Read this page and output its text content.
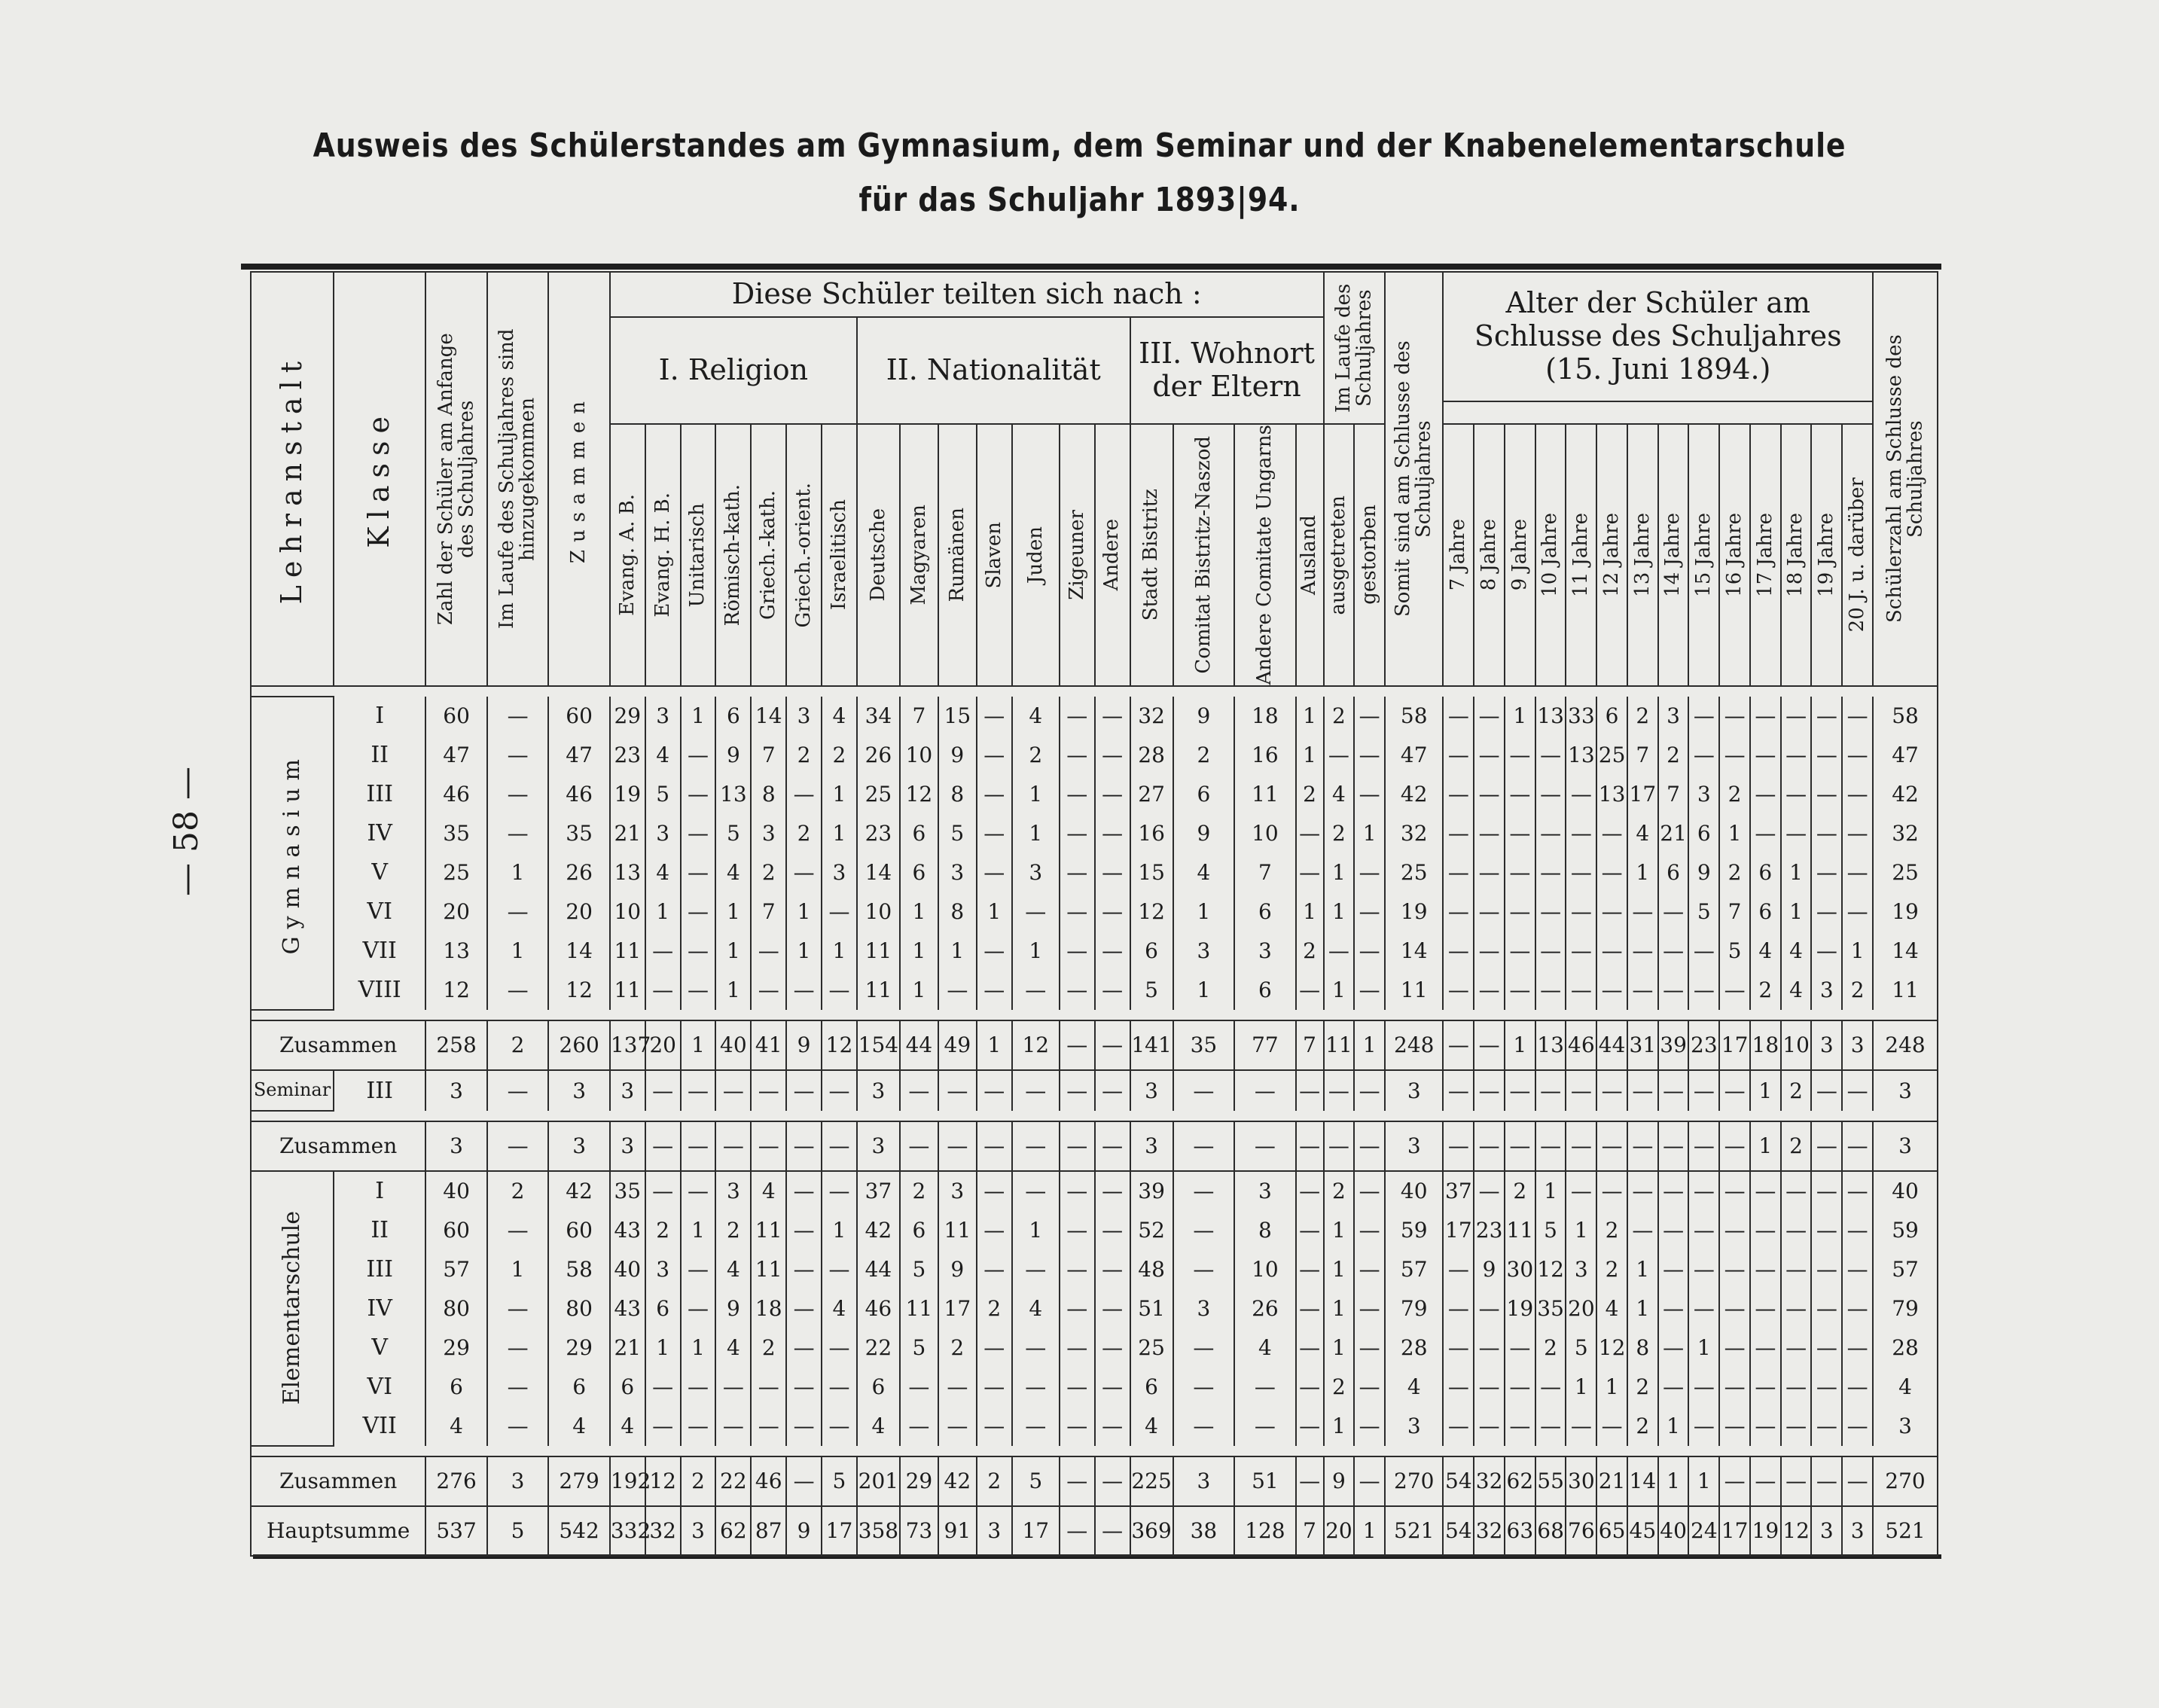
Ausweis des Schülerstandes am Gymnasium, dem Seminar und der Knabenelementarschule
für das Schuljahr 1893|94.
— 58 —
Lehranstalt	Klasse	Zahl der Schüler am Anfange des Schuljahres	Im Laufe des Schuljahres sind hinzugekommen	Zusammen	Diese Schüler teilten sich nach :																		Im Laufe des Schuljahres		Somit sind am Schlusse des Schuljahres	Alter der Schüler am Schlusse des Schuljahres (15. Juni 1894.)														Schülerzahl am Schlusse des Schuljahres

					I. Religion							II. Nationalität							III. Wohnort der Eltern																					

					Evang. A. B.	Evang. H. B.	Unitarisch	Römisch-kath.	Griech.-kath.	Griech.-orient.	Israelitisch	Deutsche	Magyaren	Rumänen	Slaven	Juden	Zigeuner	Andere	Stadt Bistritz	Comitat Bistritz-Naszod	Andere Comitate Ungarns	Ausland	ausgetreten	gestorben		7 Jahre	8 Jahre	9 Jahre	10 Jahre	11 Jahre	12 Jahre	13 Jahre	14 Jahre	15 Jahre	16 Jahre	17 Jahre	18 Jahre	19 Jahre	20 J. u. darüber	

Gymnasium	I	60	—	60	29	3	1	6	14	3	4	34	7	15	—	4	—	—	32	9	18	1	2	—	58	—	—	1	13	33	6	2	3	—	—	—	—	—	—	58
	II	47	—	47	23	4	—	9	7	2	2	26	10	9	—	2	—	—	28	2	16	1	—	—	47	—	—	—	—	13	25	7	2	—	—	—	—	—	—	47
	III	46	—	46	19	5	—	13	8	—	1	25	12	8	—	1	—	—	27	6	11	2	4	—	42	—	—	—	—	—	13	17	7	3	2	—	—	—	—	42
	IV	35	—	35	21	3	—	5	3	2	1	23	6	5	—	1	—	—	16	9	10	—	2	1	32	—	—	—	—	—	—	4	21	6	1	—	—	—	—	32
	V	25	1	26	13	4	—	4	2	—	3	14	6	3	—	3	—	—	15	4	7	—	1	—	25	—	—	—	—	—	—	1	6	9	2	6	1	—	—	25
	VI	20	—	20	10	1	—	1	7	1	—	10	1	8	1	—	—	—	12	1	6	1	1	—	19	—	—	—	—	—	—	—	—	5	7	6	1	—	—	19
	VII	13	1	14	11	—	—	1	—	1	1	11	1	1	—	1	—	—	6	3	3	2	—	—	14	—	—	—	—	—	—	—	—	—	5	4	4	—	1	14
	VIII	12	—	12	11	—	—	1	—	—	—	11	1	—	—	—	—	—	5	1	6	—	1	—	11	—	—	—	—	—	—	—	—	—	—	2	4	3	2	11

Zusammen		258	2	260	137	20	1	40	41	9	12	154	44	49	1	12	—	—	141	35	77	7	11	1	248	—	—	1	13	46	44	31	39	23	17	18	10	3	3	248

Seminar	III	3	—	3	3	—	—	—	—	—	—	3	—	—	—	—	—	—	3	—	—	—	—	—	3	—	—	—	—	—	—	—	—	—	—	1	2	—	—	3

Zusammen		3	—	3	3	—	—	—	—	—	—	3	—	—	—	—	—	—	3	—	—	—	—	—	3	—	—	—	—	—	—	—	—	—	—	1	2	—	—	3

Elementarschule	I	40	2	42	35	—	—	3	4	—	—	37	2	3	—	—	—	—	39	—	3	—	2	—	40	37	—	2	1	—	—	—	—	—	—	—	—	—	—	40
	II	60	—	60	43	2	1	2	11	—	1	42	6	11	—	1	—	—	52	—	8	—	1	—	59	17	23	11	5	1	2	—	—	—	—	—	—	—	—	59
	III	57	1	58	40	3	—	4	11	—	—	44	5	9	—	—	—	—	48	—	10	—	1	—	57	—	9	30	12	3	2	1	—	—	—	—	—	—	—	57
	IV	80	—	80	43	6	—	9	18	—	4	46	11	17	2	4	—	—	51	3	26	—	1	—	79	—	—	19	35	20	4	1	—	—	—	—	—	—	—	79
	V	29	—	29	21	1	1	4	2	—	—	22	5	2	—	—	—	—	25	—	4	—	1	—	28	—	—	—	2	5	12	8	—	1	—	—	—	—	—	28
	VI	6	—	6	6	—	—	—	—	—	—	6	—	—	—	—	—	—	6	—	—	—	2	—	4	—	—	—	—	1	1	2	—	—	—	—	—	—	—	4
	VII	4	—	4	4	—	—	—	—	—	—	4	—	—	—	—	—	—	4	—	—	—	1	—	3	—	—	—	—	—	—	2	1	—	—	—	—	—	—	3

Zusammen		276	3	279	192	12	2	22	46	—	5	201	29	42	2	5	—	—	225	3	51	—	9	—	270	54	32	62	55	30	21	14	1	1	—	—	—	—	—	270
Hauptsumme		537	5	542	332	32	3	62	87	9	17	358	73	91	3	17	—	—	369	38	128	7	20	1	521	54	32	63	68	76	65	45	40	24	17	19	12	3	3	521
